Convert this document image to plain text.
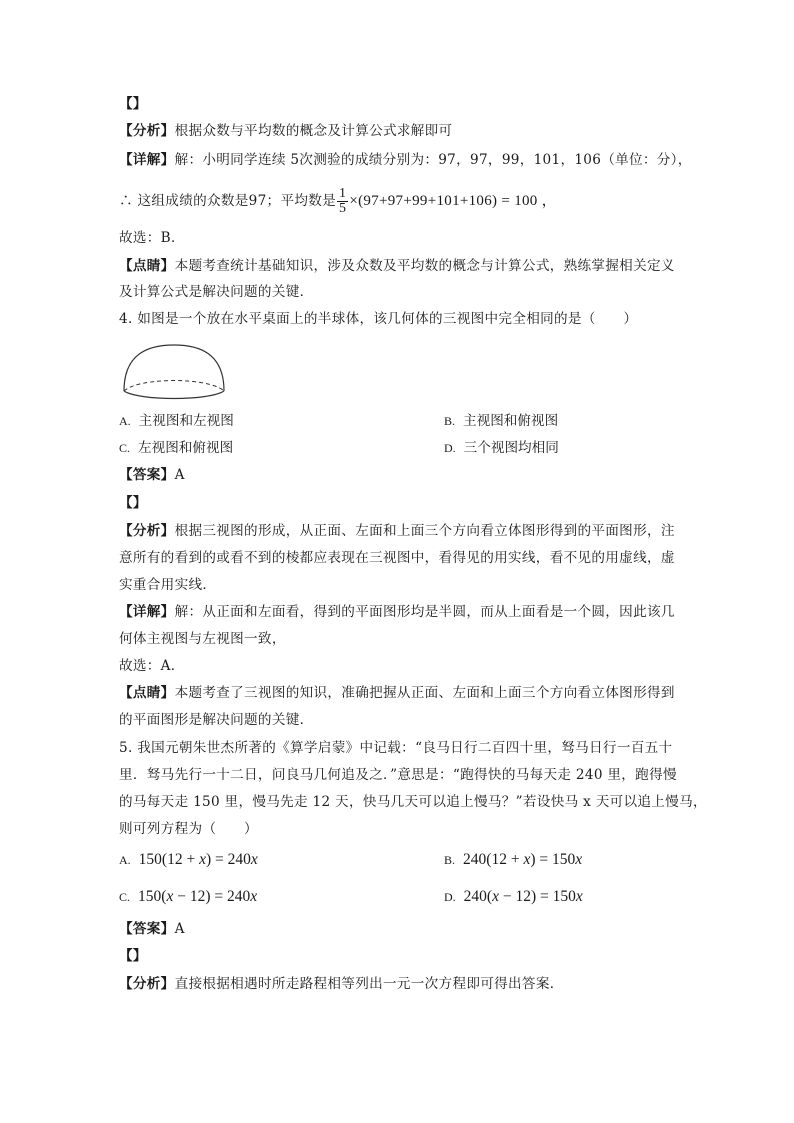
【】
【分析】根据众数与平均数的概念及计算公式求解即可
【详解】解：小明同学连续 5次测验的成绩分别为：97，97，99，101，106（单位：分），
∴ 这组成绩的众数是97；平均数是 $\frac{1}{5} \times(97+97+99+101+106) = 100$ ，
故选：B．
【点睛】本题考查统计基础知识，涉及众数及平均数的概念与计算公式，熟练掌握相关定义
及计算公式是解决问题的关键．
4. 如图是一个放在水平桌面上的半球体，该几何体的三视图中完全相同的是（　　）
A. 主视图和左视图	B. 主视图和俯视图
C. 左视图和俯视图	D. 三个视图均相同
【答案】A
【】
【分析】根据三视图的形成，从正面、左面和上面三个方向看立体图形得到的平面图形，注
意所有的看到的或看不到的棱都应表现在三视图中，看得见的用实线，看不见的用虚线，虚
实重合用实线．
【详解】解：从正面和左面看，得到的平面图形均是半圆，而从上面看是一个圆，因此该几
何体主视图与左视图一致，
故选：A．
【点睛】本题考查了三视图的知识，准确把握从正面、左面和上面三个方向看立体图形得到
的平面图形是解决问题的关键．
5. 我国元朝朱世杰所著的《算学启蒙》中记载：“良马日行二百四十里，驽马日行一百五十
里．驽马先行一十二日，问良马几何追及之．”意思是：“跑得快的马每天走 240 里，跑得慢
的马每天走 150 里，慢马先走 12 天，快马几天可以追上慢马？”若设快马 x 天可以追上慢马，
则可列方程为（　　）
A. 150(12 + x) = 240x	B. 240(12 + x) = 150x
C. 150(x − 12) = 240x	D. 240(x − 12) = 150x
【答案】A
【】
【分析】直接根据相遇时所走路程相等列出一元一次方程即可得出答案．
